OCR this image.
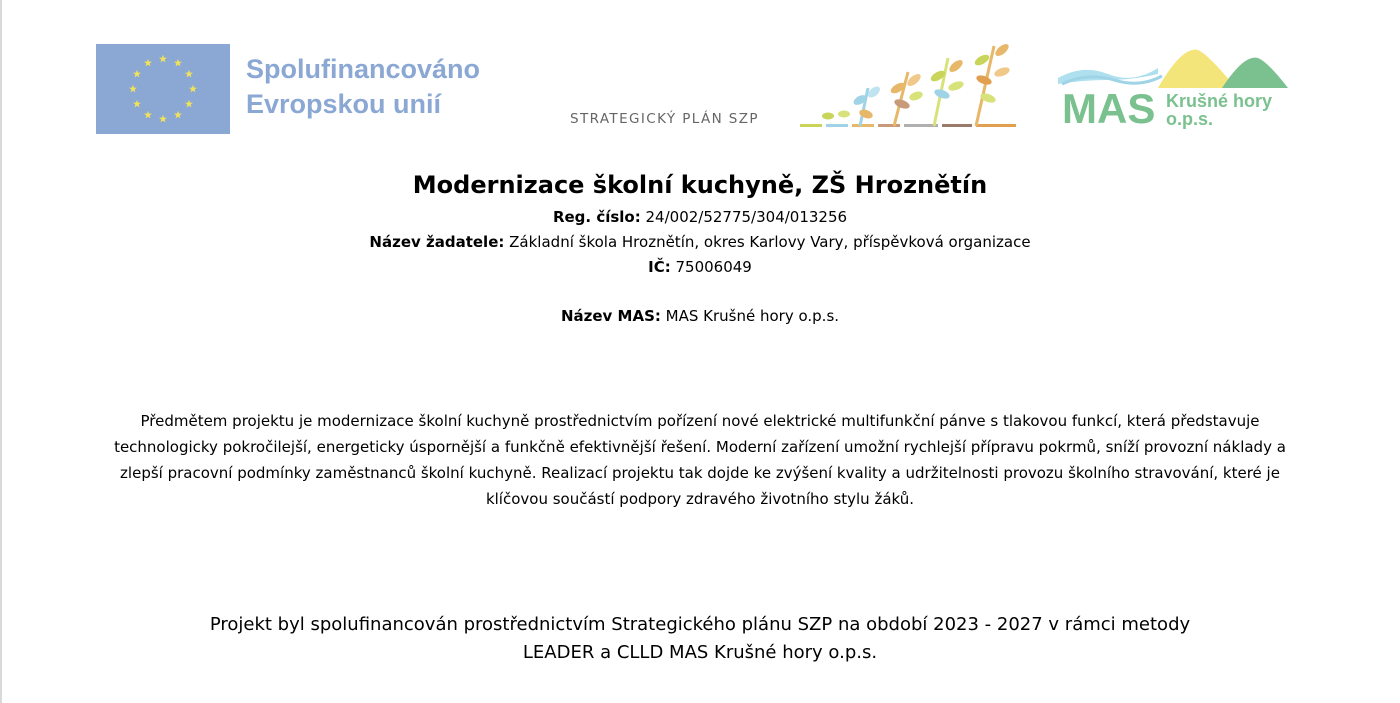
Spolufinancováno
Evropskou unií	STRATEGICKÝ PLÁN SZP	MAS Krušné hory
o.p.s.
Modernizace školní kuchyně, ZŠ Hroznětín
Reg. číslo: 24/002/52775/304/013256
Název žadatele: Základní škola Hroznětín, okres Karlovy Vary, příspěvková organizace
IČ: 75006049
Název MAS: MAS Krušné hory o.p.s.
Předmětem projektu je modernizace školní kuchyně prostřednictvím pořízení nové elektrické multifunkční pánve s tlakovou funkcí, která představuje technologicky pokročilejší, energeticky úspornější a funkčně efektivnější řešení. Moderní zařízení umožní rychlejší přípravu pokrmů, sníží provozní náklady a zlepší pracovní podmínky zaměstnanců školní kuchyně. Realizací projektu tak dojde ke zvýšení kvality a udržitelnosti provozu školního stravování, které je klíčovou součástí podpory zdravého životního stylu žáků.
Projekt byl spolufinancován prostřednictvím Strategického plánu SZP na období 2023 - 2027 v rámci metody
LEADER a CLLD MAS Krušné hory o.p.s.
